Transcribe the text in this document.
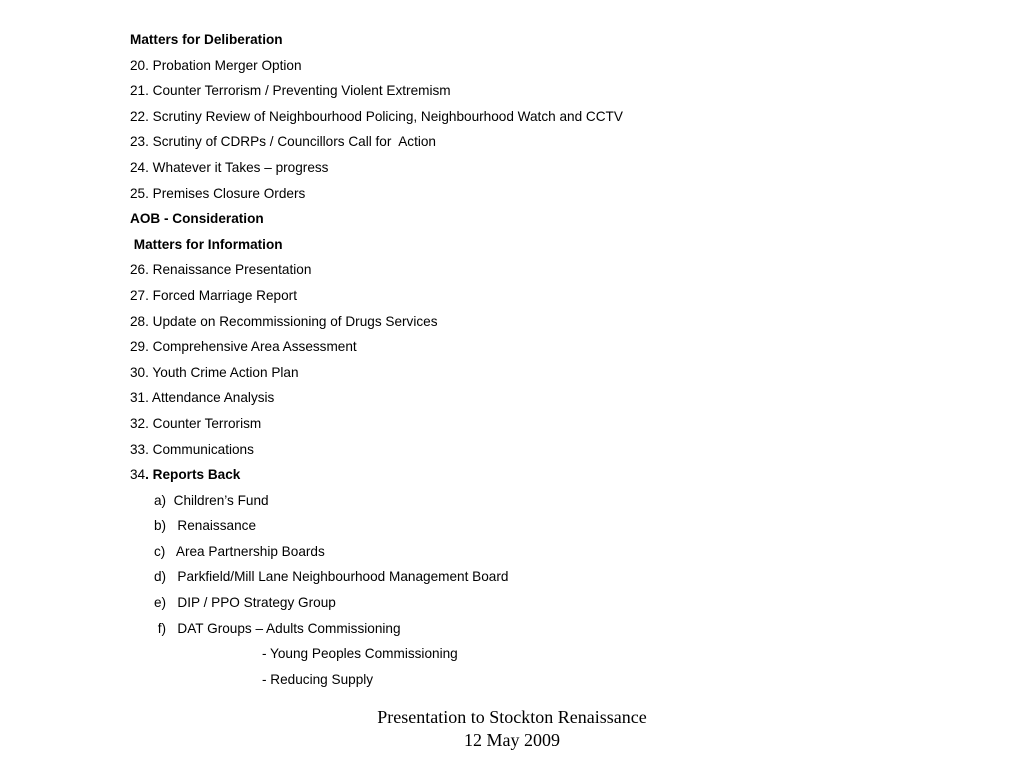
Matters for Deliberation
20. Probation Merger Option
21. Counter Terrorism / Preventing Violent Extremism
22. Scrutiny Review of Neighbourhood Policing, Neighbourhood Watch and CCTV
23. Scrutiny of CDRPs / Councillors Call for  Action
24. Whatever it Takes – progress
25. Premises Closure Orders
AOB - Consideration
Matters for Information
26. Renaissance Presentation
27. Forced Marriage Report
28. Update on Recommissioning of Drugs Services
29. Comprehensive Area Assessment
30. Youth Crime Action Plan
31. Attendance Analysis
32. Counter Terrorism
33. Communications
34. Reports Back
a)  Children’s Fund
b)   Renaissance
c)   Area Partnership Boards
d)   Parkfield/Mill Lane Neighbourhood Management Board
e)   DIP / PPO Strategy Group
f)   DAT Groups – Adults Commissioning
- Young Peoples Commissioning
- Reducing Supply
Presentation to Stockton Renaissance
12 May 2009
